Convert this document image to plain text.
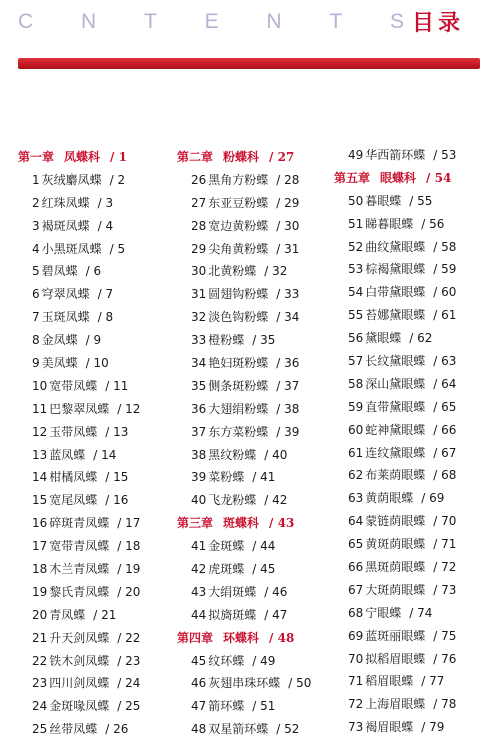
C N T E N T S 目录
第一章 凤蝶科 / 1
1 灰绒麝凤蝶 / 2
2 红珠凤蝶 / 3
3 褐斑凤蝶 / 4
4 小黑斑凤蝶 / 5
5 碧凤蝶 / 6
6 穹翠凤蝶 / 7
7 玉斑凤蝶 / 8
8 金凤蝶 / 9
9 美凤蝶 / 10
10 宽带凤蝶 / 11
11 巴黎翠凤蝶 / 12
12 玉带凤蝶 / 13
13 蓝凤蝶 / 14
14 柑橘凤蝶 / 15
15 宽尾凤蝶 / 16
16 碎斑青凤蝶 / 17
17 宽带青凤蝶 / 18
18 木兰青凤蝶 / 19
19 黎氏青凤蝶 / 20
20 青凤蝶 / 21
21 升天剑凤蝶 / 22
22 铁木剑凤蝶 / 23
23 四川剑凤蝶 / 24
24 金斑喙凤蝶 / 25
25 丝带凤蝶 / 26
第二章 粉蝶科 / 27
26 黑角方粉蝶 / 28
27 东亚豆粉蝶 / 29
28 宽边黄粉蝶 / 30
29 尖角黄粉蝶 / 31
30 北黄粉蝶 / 32
31 圆翅钩粉蝶 / 33
32 淡色钩粉蝶 / 34
33 橙粉蝶 / 35
34 艳妇斑粉蝶 / 36
35 侧条斑粉蝶 / 37
36 大翅绢粉蝶 / 38
37 东方菜粉蝶 / 39
38 黑纹粉蝶 / 40
39 菜粉蝶 / 41
40 飞龙粉蝶 / 42
第三章 斑蝶科 / 43
41 金斑蝶 / 44
42 虎斑蝶 / 45
43 大绢斑蝶 / 46
44 拟旖斑蝶 / 47
第四章 环蝶科 / 48
45 纹环蝶 / 49
46 灰翅串珠环蝶 / 50
47 箭环蝶 / 51
48 双星箭环蝶 / 52
49 华西箭环蝶 / 53
第五章 眼蝶科 / 54
50 暮眼蝶 / 55
51 睇暮眼蝶 / 56
52 曲纹黛眼蝶 / 58
53 棕褐黛眼蝶 / 59
54 白带黛眼蝶 / 60
55 苔娜黛眼蝶 / 61
56 黛眼蝶 / 62
57 长纹黛眼蝶 / 63
58 深山黛眼蝶 / 64
59 直带黛眼蝶 / 65
60 蛇神黛眼蝶 / 66
61 连纹黛眼蝶 / 67
62 布莱荫眼蝶 / 68
63 黄荫眼蝶 / 69
64 蒙链荫眼蝶 / 70
65 黄斑荫眼蝶 / 71
66 黑斑荫眼蝶 / 72
67 大斑荫眼蝶 / 73
68 宁眼蝶 / 74
69 蓝斑丽眼蝶 / 75
70 拟稻眉眼蝶 / 76
71 稻眉眼蝶 / 77
72 上海眉眼蝶 / 78
73 褐眉眼蝶 / 79
